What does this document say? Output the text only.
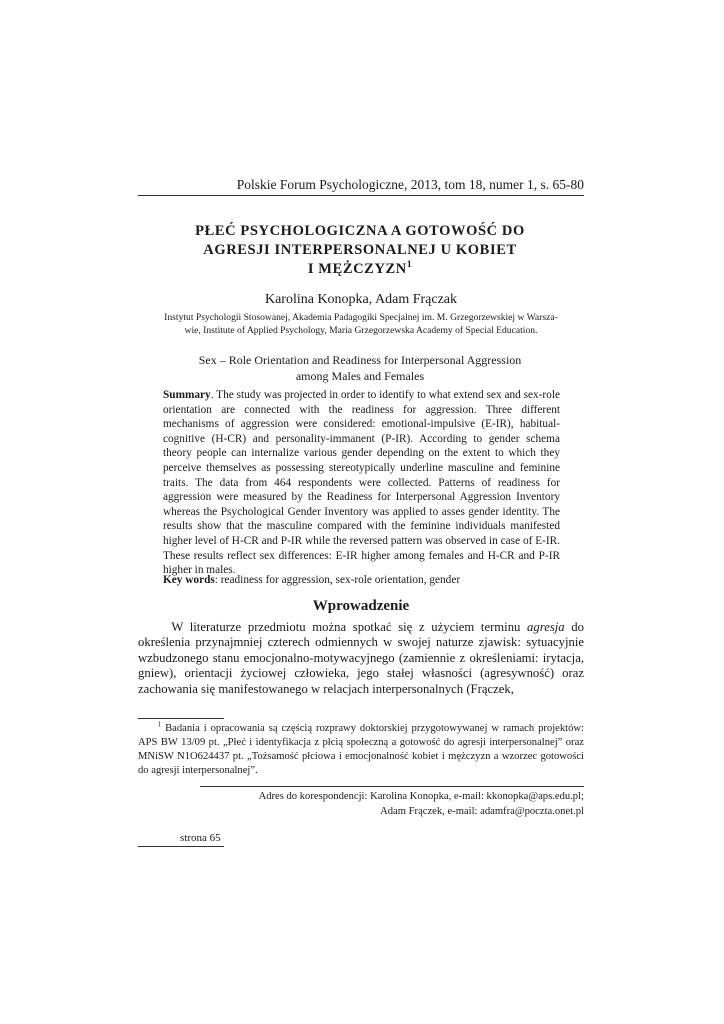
Polskie Forum Psychologiczne, 2013, tom 18, numer 1, s. 65-80
PŁEĆ PSYCHOLOGICZNA A GOTOWOŚĆ DO
AGRESJI INTERPERSONALNEJ U KOBIET
I MĘŻCZYZN$^1$
Karolina Konopka, Adam Frączak
Instytut Psychologii Stosowanej, Akademia Padagogiki Specjalnej im. M. Grzegorzewskiej w Warsza-
wie, Institute of Applied Psychology, Maria Grzegorzewska Academy of Special Education.
Sex – Role Orientation and Readiness for Interpersonal Aggression
among Males and Females
Summary. The study was projected in order to identify to what extend sex and sex-role orientation are connected with the readiness for aggression. Three different mechanisms of aggression were considered: emotional-impulsive (E-IR), habitual-cognitive (H-CR) and personality-immanent (P-IR). According to gender schema theory people can internalize various gender depending on the extent to which they perceive themselves as possessing stereotypically underline masculine and feminine traits. The data from 464 respondents were collected. Patterns of readiness for aggression were measured by the Readiness for Interpersonal Aggression Inventory whereas the Psychological Gender Inventory was applied to asses gender identity. The results show that the masculine compared with the feminine individuals manifested higher level of H-CR and P-IR while the reversed pattern was observed in case of E-IR. These results reflect sex differences: E-IR higher among females and H-CR and P-IR higher in males.
Key words: readiness for aggression, sex-role orientation, gender
Wprowadzenie
W literaturze przedmiotu można spotkać się z użyciem terminu agresja do określenia przynajmniej czterech odmiennych w swojej naturze zjawisk: sytuacyjnie wzbudzonego stanu emocjonalno-motywacyjnego (zamiennie z określeniami: irytacja, gniew), orientacji życiowej człowieka, jego stałej własności (agresywność) oraz zachowania się manifestowanego w relacjach interpersonalnych (Frączek,
$^1$ Badania i opracowania są częścią rozprawy doktorskiej przygotowywanej w ramach projektów: APS BW 13/09 pt. „Płeć i identyfikacja z płcią społeczną a gotowość do agresji interpersonalnej” oraz MNiSW N1O624437 pt. „Tożsamość płciowa i emocjonalność kobiet i mężczyzn a wzorzec gotowości do agresji interpersonalnej”.
Adres do korespondencji: Karolina Konopka, e-mail: kkonopka@aps.edu.pl;
Adam Frączek, e-mail: adamfra@poczta.onet.pl
strona 65
